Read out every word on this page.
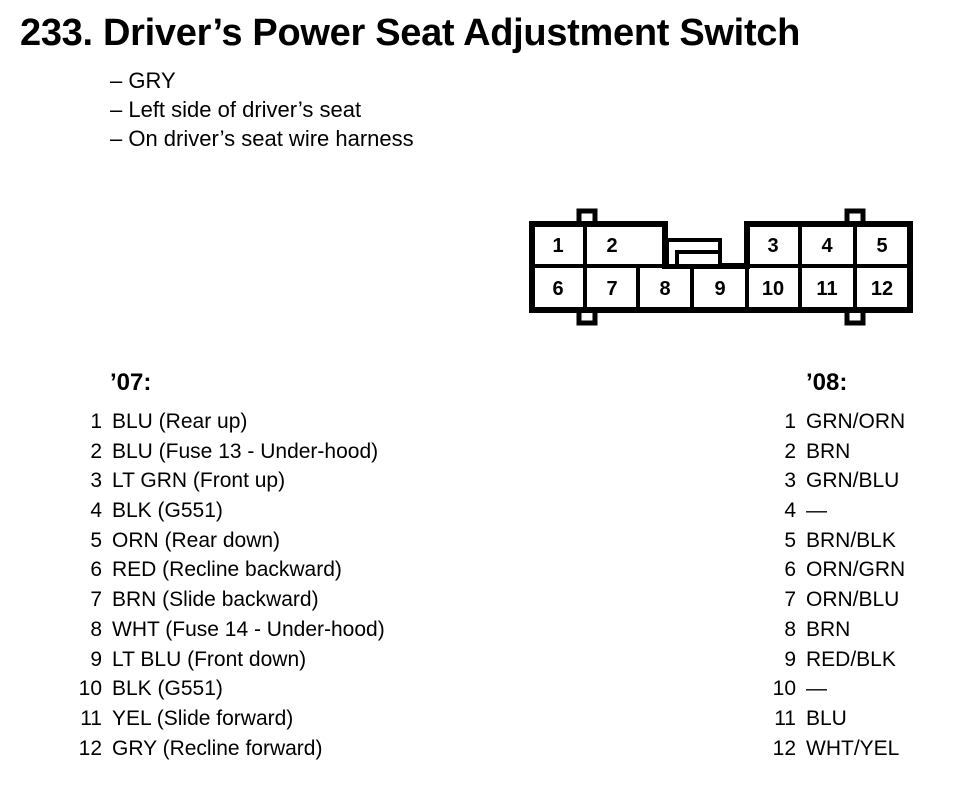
233. Driver’s Power Seat Adjustment Switch
– GRY
– Left side of driver’s seat
– On driver’s seat wire harness
1 2	3 4 5
6 7 8 9 10 11 12
’07:	’08:
1 BLU (Rear up)
2 BLU (Fuse 13 - Under-hood)
3 LT GRN (Front up)
4 BLK (G551)
5 ORN (Rear down)
6 RED (Recline backward)
7 BRN (Slide backward)
8 WHT (Fuse 14 - Under-hood)
9 LT BLU (Front down)
10 BLK (G551)
11 YEL (Slide forward)
12 GRY (Recline forward)
1 GRN/ORN
2 BRN
3 GRN/BLU
4 —
5 BRN/BLK
6 ORN/GRN
7 ORN/BLU
8 BRN
9 RED/BLK
10 —
11 BLU
12 WHT/YEL
